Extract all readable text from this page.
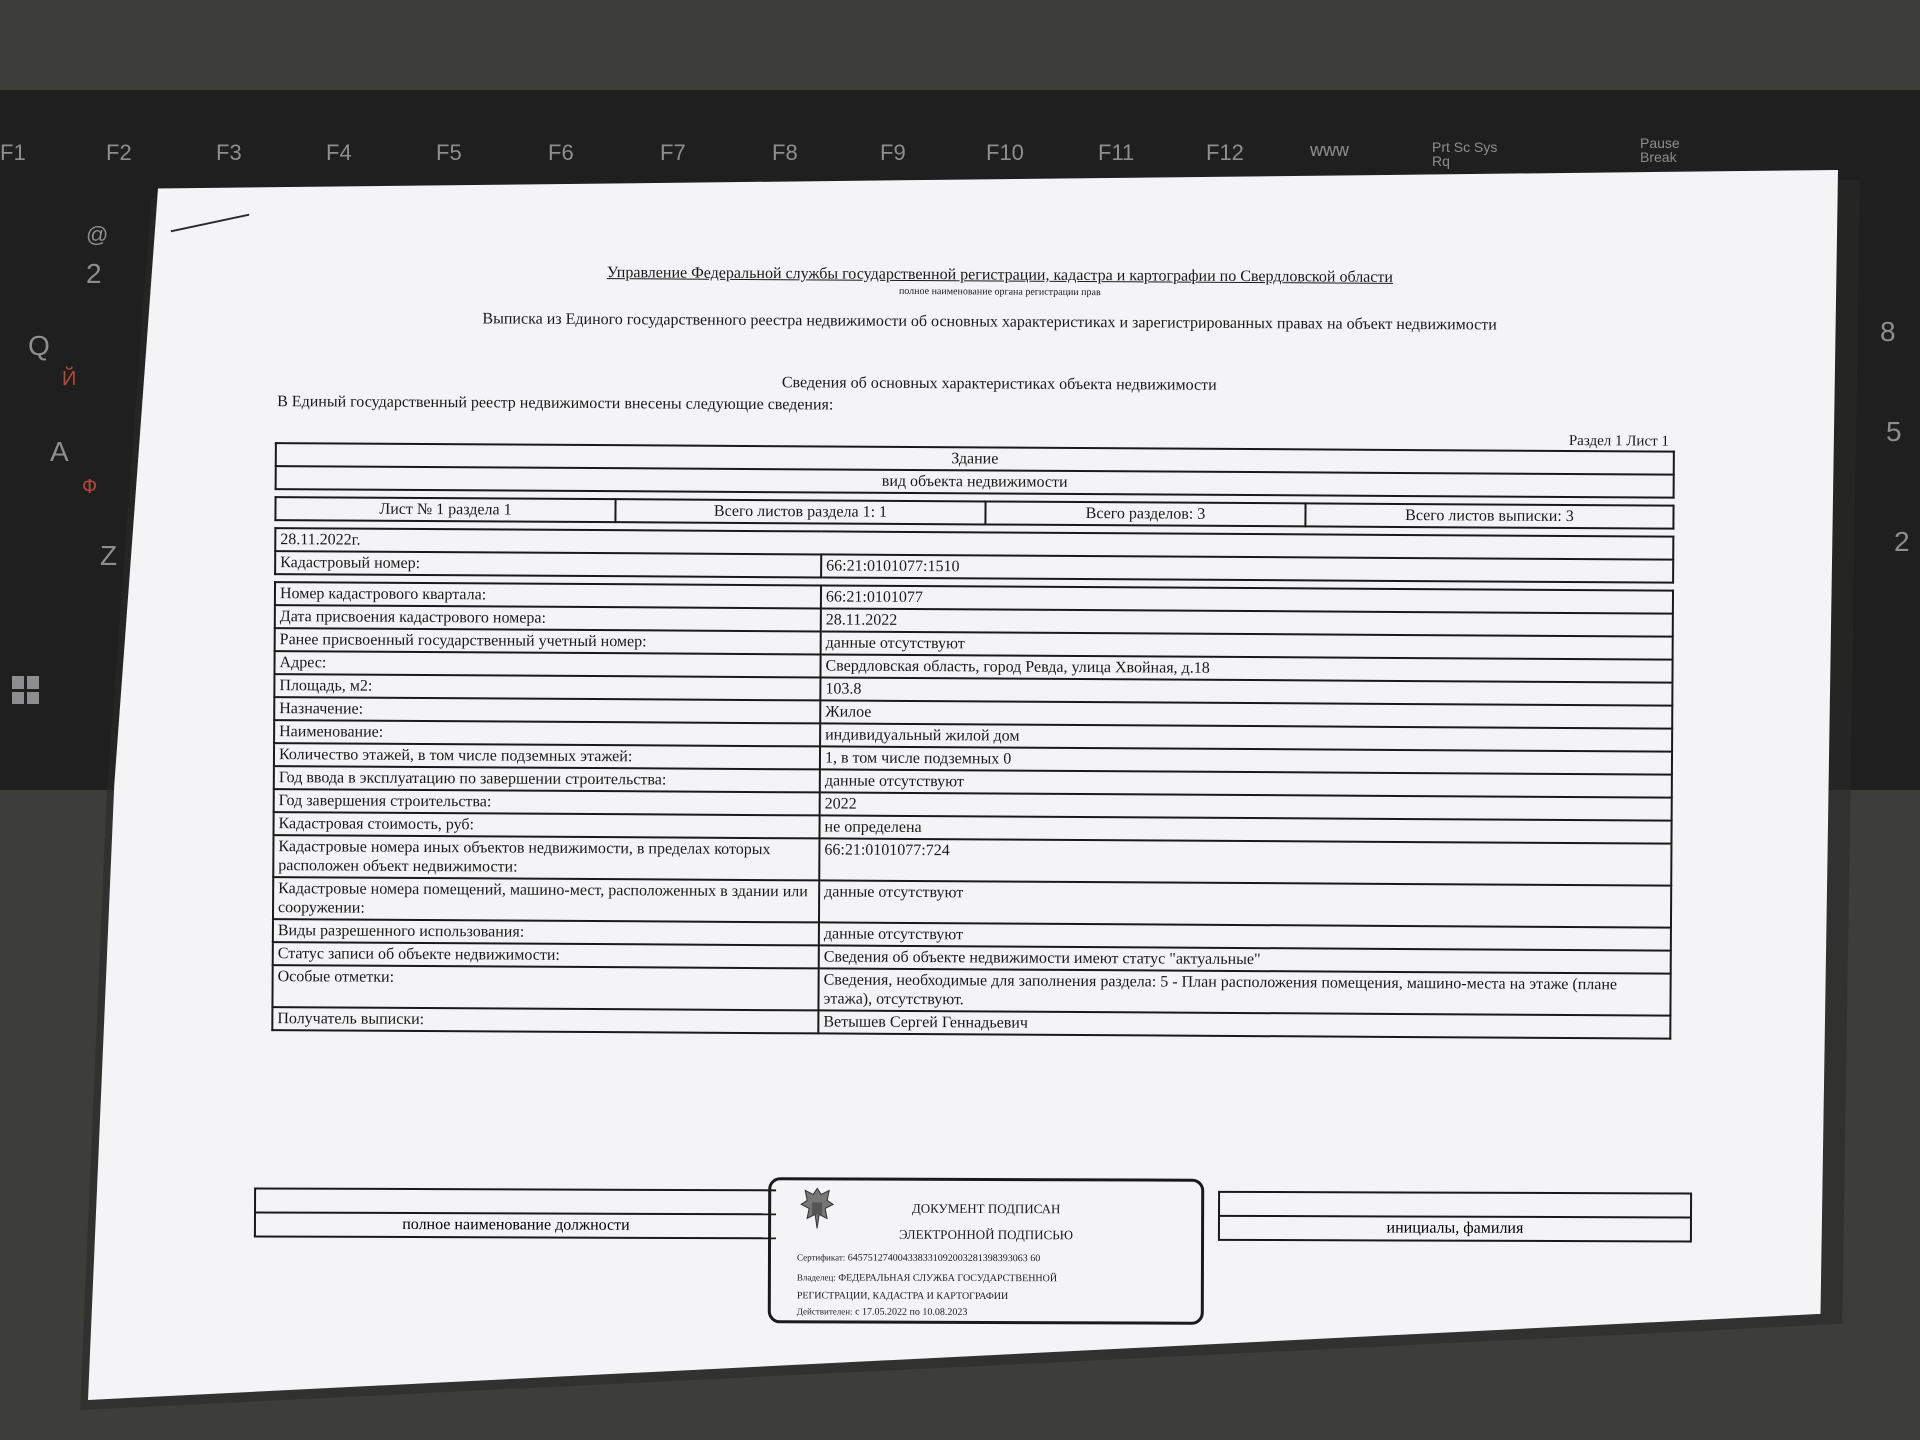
F1	F2	F3	F4	F5	F6	F7	F8	F9	F10	F11	F12	www	Prt Sc Sys Rq
Pause Break
@
2
Q
Й
A
Ф
Z
8
5
2
Управление Федеральной службы государственной регистрации, кадастра и картографии по Свердловской области
полное наименование органа регистрации прав
Выписка из Единого государственного реестра недвижимости об основных характеристиках и зарегистрированных правах на объект недвижимости
Сведения об основных характеристиках объекта недвижимости
В Единый государственный реестр недвижимости внесены следующие сведения:
Раздел 1 Лист 1
Здание
вид объекта недвижимости
Лист № 1 раздела 1	Всего листов раздела 1: 1	Всего разделов: 3	Всего листов выписки: 3
28.11.2022г.
Кадастровый номер:	66:21:0101077:1510
Номер кадастрового квартала:	66:21:0101077
Дата присвоения кадастрового номера:	28.11.2022
Ранее присвоенный государственный учетный номер:	данные отсутствуют
Адрес:	Свердловская область, город Ревда, улица Хвойная, д.18
Площадь, м2:	103.8
Назначение:	Жилое
Наименование:	индивидуальный жилой дом
Количество этажей, в том числе подземных этажей:	1, в том числе подземных 0
Год ввода в эксплуатацию по завершении строительства:	данные отсутствуют
Год завершения строительства:	2022
Кадастровая стоимость, руб:	не определена
Кадастровые номера иных объектов недвижимости, в пределах которых расположен объект недвижимости:	66:21:0101077:724
Кадастровые номера помещений, машино-мест, расположенных в здании или сооружении:	данные отсутствуют
Виды разрешенного использования:	данные отсутствуют
Статус записи об объекте недвижимости:	Сведения об объекте недвижимости имеют статус "актуальные"
Особые отметки:	Сведения, необходимые для заполнения раздела: 5 - План расположения помещения, машино-места на этаже (плане этажа), отсутствуют.
Получатель выписки:	Ветышев Сергей Геннадьевич
полное наименование должности	инициалы, фамилия
ДОКУМЕНТ ПОДПИСАН
ЭЛЕКТРОННОЙ ПОДПИСЬЮ
Сертификат: 645751274004338331092003281398393063 60
Владелец: ФЕДЕРАЛЬНАЯ СЛУЖБА ГОСУДАРСТВЕННОЙ
РЕГИСТРАЦИИ, КАДАСТРА И КАРТОГРАФИИ
Действителен: с 17.05.2022 по 10.08.2023
